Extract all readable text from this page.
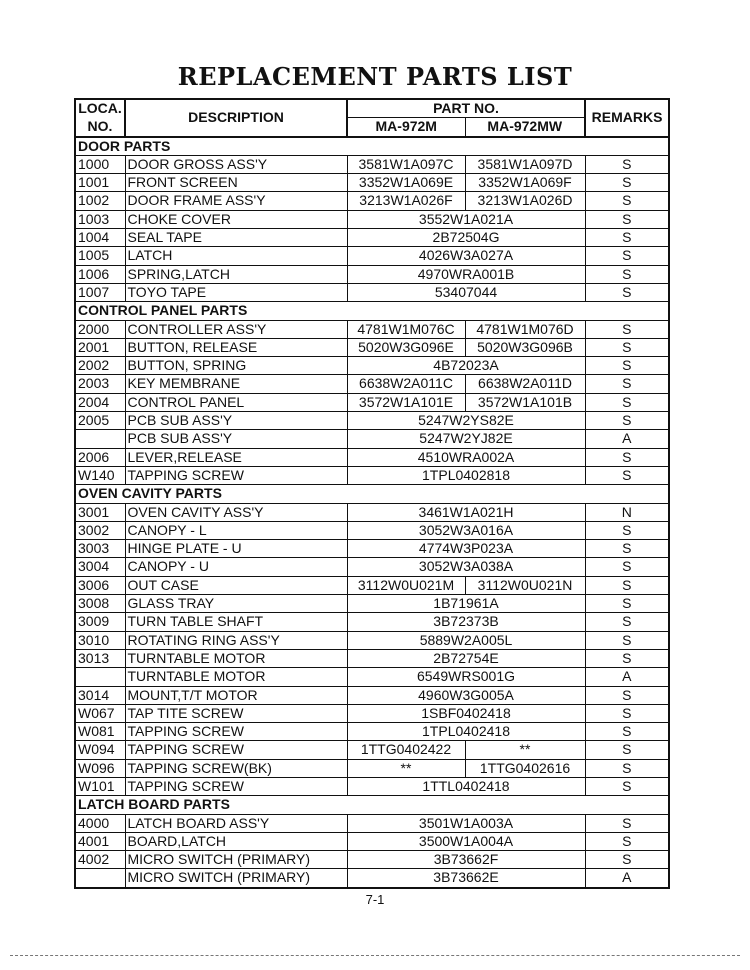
REPLACEMENT PARTS LIST
LOCA.	DESCRIPTION	PART NO.		REMARKS
NO.		MA-972M	MA-972MW	
DOOR PARTS				
1000	DOOR GROSS ASS'Y	3581W1A097C	3581W1A097D	S
1001	FRONT SCREEN	3352W1A069E	3352W1A069F	S
1002	DOOR FRAME ASS'Y	3213W1A026F	3213W1A026D	S
1003	CHOKE COVER	3552W1A021A		S
1004	SEAL TAPE	2B72504G		S
1005	LATCH	4026W3A027A		S
1006	SPRING,LATCH	4970WRA001B		S
1007	TOYO TAPE	53407044		S
CONTROL PANEL PARTS				
2000	CONTROLLER ASS'Y	4781W1M076C	4781W1M076D	S
2001	BUTTON, RELEASE	5020W3G096E	5020W3G096B	S
2002	BUTTON, SPRING	4B72023A		S
2003	KEY MEMBRANE	6638W2A011C	6638W2A011D	S
2004	CONTROL PANEL	3572W1A101E	3572W1A101B	S
2005	PCB SUB ASS'Y	5247W2YS82E		S
	PCB SUB ASS'Y	5247W2YJ82E		A
2006	LEVER,RELEASE	4510WRA002A		S
W140	TAPPING SCREW	1TPL0402818		S
OVEN CAVITY PARTS				
3001	OVEN CAVITY ASS'Y	3461W1A021H		N
3002	CANOPY - L	3052W3A016A		S
3003	HINGE PLATE - U	4774W3P023A		S
3004	CANOPY - U	3052W3A038A		S
3006	OUT CASE	3112W0U021M	3112W0U021N	S
3008	GLASS TRAY	1B71961A		S
3009	TURN TABLE SHAFT	3B72373B		S
3010	ROTATING RING ASS'Y	5889W2A005L		S
3013	TURNTABLE MOTOR	2B72754E		S
	TURNTABLE MOTOR	6549WRS001G		A
3014	MOUNT,T/T MOTOR	4960W3G005A		S
W067	TAP TITE SCREW	1SBF0402418		S
W081	TAPPING SCREW	1TPL0402418		S
W094	TAPPING SCREW	1TTG0402422	**	S
W096	TAPPING SCREW(BK)	**	1TTG0402616	S
W101	TAPPING SCREW	1TTL0402418		S
LATCH BOARD PARTS				
4000	LATCH BOARD ASS'Y	3501W1A003A		S
4001	BOARD,LATCH	3500W1A004A		S
4002	MICRO SWITCH (PRIMARY)	3B73662F		S
	MICRO SWITCH (PRIMARY)	3B73662E		A
7-1
